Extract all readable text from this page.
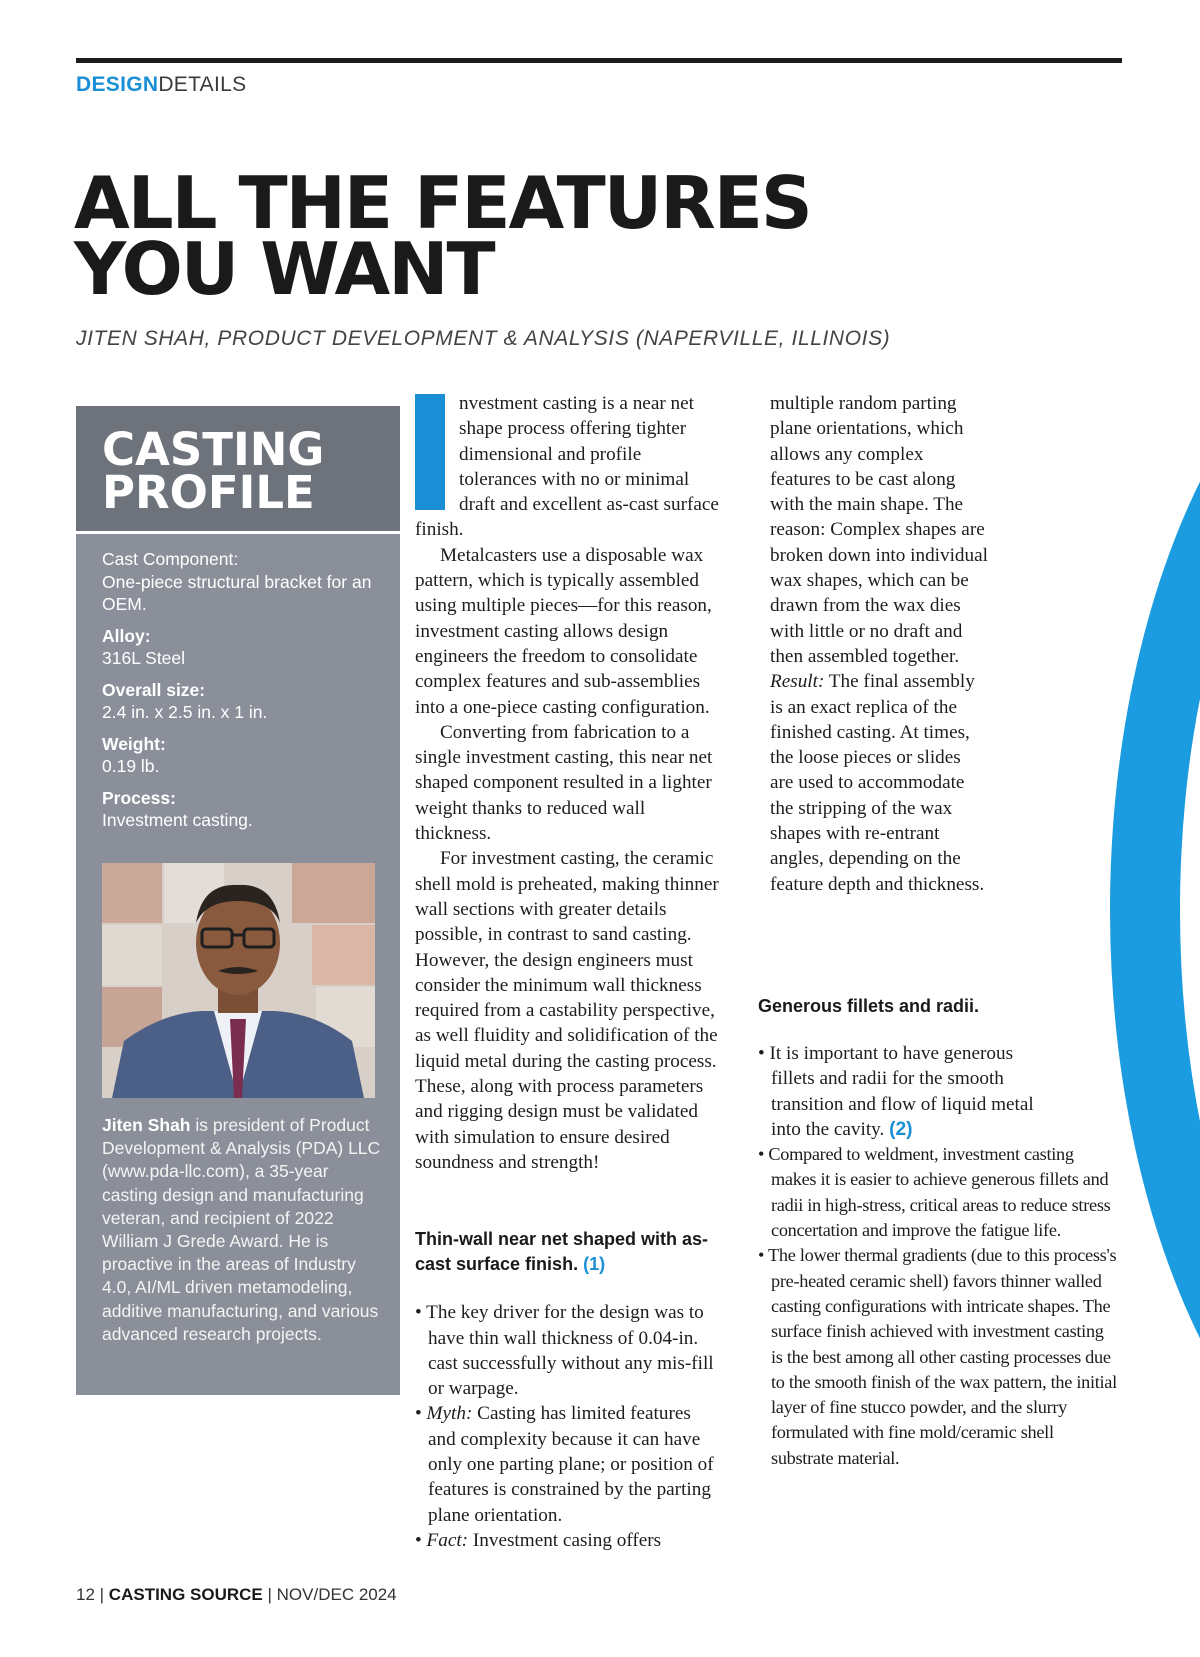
DESIGNDETAILS
ALL THE FEATURES
YOU WANT
JITEN SHAH, PRODUCT DEVELOPMENT & ANALYSIS (NAPERVILLE, ILLINOIS)
CASTING
PROFILE
Cast Component:
One-piece structural bracket for an OEM.
Alloy:
316L Steel
Overall size:
2.4 in. x 2.5 in. x 1 in.
Weight:
0.19 lb.
Process:
Investment casting.
Jiten Shah is president of Product Development & Analysis (PDA) LLC (www.pda-llc.com), a 35-year casting design and manufacturing veteran, and recipient of 2022 William J Grede Award. He is proactive in the areas of Industry 4.0, AI/ML driven metamodeling, additive manufacturing, and various advanced research projects.

nvestment casting is a near net shape process offering tighter dimensional and profile tolerances with no or minimal draft and excellent as-cast surface finish.

Metalcasters use a disposable wax pattern, which is typically assembled using multiple pieces—for this reason, investment casting allows design engineers the freedom to consolidate complex features and sub-assemblies into a one-piece casting configuration.

Converting from fabrication to a single investment casting, this near net shaped component resulted in a lighter weight thanks to reduced wall thickness.

For investment casting, the ceramic shell mold is preheated, making thinner wall sections with greater details possible, in contrast to sand casting. However, the design engineers must consider the minimum wall thickness required from a castability perspective, as well fluidity and solidification of the liquid metal during the casting process. These, along with process parameters and rigging design must be validated with simulation to ensure desired soundness and strength!

Thin-wall near net shaped with as-cast surface finish. (1)

• The key driver for the design was to have thin wall thickness of 0.04-in. cast successfully without any mis-fill or warpage.

• Myth: Casting has limited features and complexity because it can have only one parting plane; or position of features is constrained by the parting plane orientation.

• Fact: Investment casing offers

multiple random parting plane orientations, which allows any complex features to be cast along with the main shape. The reason: Complex shapes are broken down into individual wax shapes, which can be drawn from the wax dies with little or no draft and then assembled together.

Result: The final assembly is an exact replica of the finished casting. At times, the loose pieces or slides are used to accommodate the stripping of the wax shapes with re-entrant angles, depending on the feature depth and thickness.

Generous fillets and radii.

• It is important to have generous fillets and radii for the smooth transition and flow of liquid metal into the cavity. (2)

• Compared to weldment, investment casting makes it is easier to achieve generous fillets and radii in high-stress, critical areas to reduce stress concertation and improve the fatigue life.

• The lower thermal gradients (due to this process's pre-heated ceramic shell) favors thinner walled casting configurations with intricate shapes. The surface finish achieved with investment casting is the best among all other casting processes due to the smooth finish of the wax pattern, the initial layer of fine stucco powder, and the slurry formulated with fine mold/ceramic shell substrate material.

12 | CASTING SOURCE | NOV/DEC 2024
